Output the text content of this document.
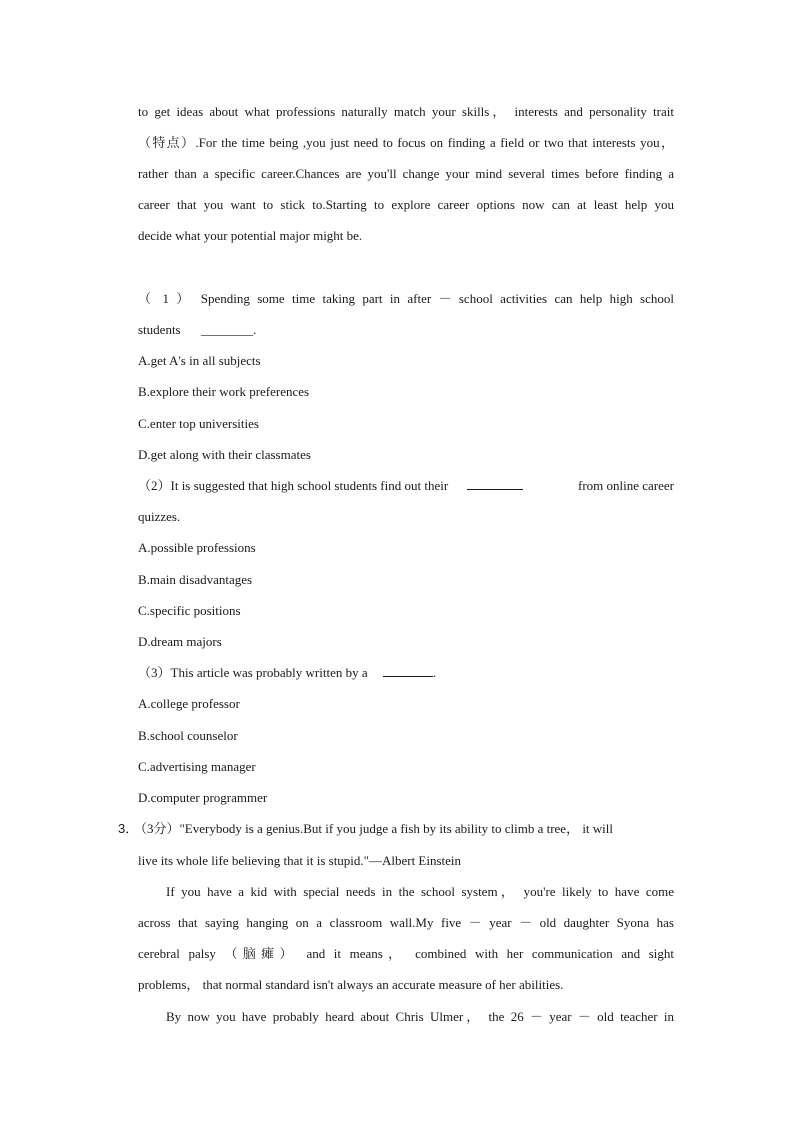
to get ideas about what professions naturally match your skills， interests and personality trait
（特点）.For the time being ,you just need to focus on finding a field or two that interests you，
rather than a specific career.Chances are you'll change your mind several times before finding a
career that you want to stick to.Starting to explore career options now can at least help you
decide what your potential major might be.
（ 1 ） Spending some time taking part in after － school activities can help high school
students ________.
A.get A's in all subjects
B.explore their work preferences
C.enter top universities
D.get along with their classmates
（2）It is suggested that high school students find out their	from online career
quizzes.
A.possible professions
B.main disadvantages
C.specific positions
D.dream majors
（3）This article was probably written by a	.
A.college professor
B.school counselor
C.advertising manager
D.computer programmer
3．
（3分）"Everybody is a genius.But if you judge a fish by its ability to climb a tree， it will
live its whole life believing that it is stupid."—Albert Einstein
If you have a kid with special needs in the school system， you're likely to have come
across that saying hanging on a classroom wall.My five － year － old daughter Syona has
cerebral palsy （脑瘫） and it means， combined with her communication and sight
problems， that normal standard isn't always an accurate measure of her abilities.
By now you have probably heard about Chris Ulmer， the 26 － year － old teacher in
